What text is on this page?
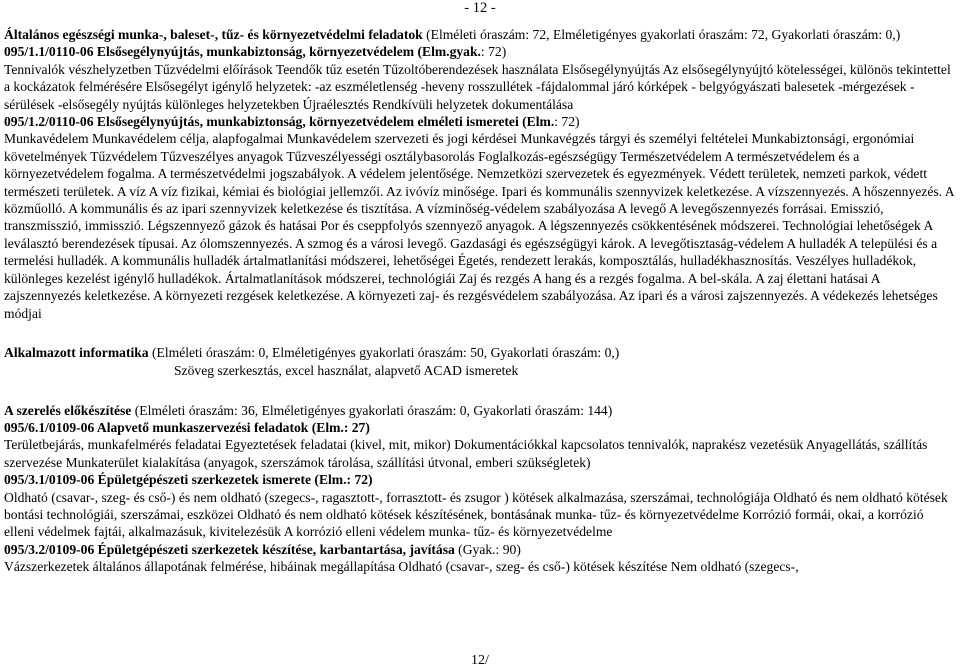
- 12 -

Általános egészségi munka-, baleset-, tűz- és környezetvédelmi feladatok (Elméleti óraszám: 72, Elméletigényes gyakorlati óraszám: 72, Gyakorlati óraszám: 0,)

095/1.1/0110-06 Elsősegélynyújtás, munkabiztonság, környezetvédelem (Elm.gyak.: 72)

Tennivalók vészhelyzetben Tűzvédelmi előírások Teendők tűz esetén Tűzoltóberendezések használata Elsősegélynyújtás Az elsősegélynyújtó kötelességei, különös tekintettel a kockázatok felmérésére Elsősegélyt igénylő helyzetek: -az eszméletlenség -heveny rosszullétek -fájdalommal járó kórképek - belgyógyászati balesetek -mérgezések -sérülések -elsősegély nyújtás különleges helyzetekben Újraélesztés Rendkívüli helyzetek dokumentálása

095/1.2/0110-06 Elsősegélynyújtás, munkabiztonság, környezetvédelem elméleti ismeretei (Elm.: 72)

Munkavédelem Munkavédelem célja, alapfogalmai Munkavédelem szervezeti és jogi kérdései Munkavégzés tárgyi és személyi feltételei Munkabiztonsági, ergonómiai követelmények Tűzvédelem Tűzveszélyes anyagok Tűzveszélyességi osztálybasorolás Foglalkozás-egészségügy Természetvédelem A természetvédelem és a környezetvédelem fogalma. A természetvédelmi jogszabályok. A védelem jelentősége. Nemzetközi szervezetek és egyezmények. Védett területek, nemzeti parkok, védett természeti területek. A víz A víz fizikai, kémiai és biológiai jellemzői. Az ivóvíz minősége. Ipari és kommunális szennyvizek keletkezése. A vízszennyezés. A hőszennyezés. A közműolló. A kommunális és az ipari szennyvizek keletkezése és tisztítása. A vízminőség-védelem szabályozása A levegő A levegőszennyezés forrásai. Emisszió, transzmisszió, immisszió. Légszennyező gázok és hatásai Por és cseppfolyós szennyező anyagok. A légszennyezés csökkentésének módszerei. Technológiai lehetőségek A leválasztó berendezések típusai. Az ólomszennyezés. A szmog és a városi levegő. Gazdasági és egészségügyi károk. A levegőtisztaság-védelem A hulladék A települési és a termelési hulladék. A kommunális hulladék ártalmatlanítási módszerei, lehetőségei Égetés, rendezett lerakás, komposztálás, hulladékhasznosítás. Veszélyes hulladékok, különleges kezelést igénylő hulladékok. Ártalmatlanítások módszerei, technológiái Zaj és rezgés A hang és a rezgés fogalma. A bel-skála. A zaj élettani hatásai A zajszennyezés keletkezése. A környezeti rezgések keletkezése. A környezeti zaj- és rezgésvédelem szabályozása. Az ipari és a városi zajszennyezés. A védekezés lehetséges módjai

Alkalmazott informatika (Elméleti óraszám: 0, Elméletigényes gyakorlati óraszám: 50, Gyakorlati óraszám: 0,)

Szöveg szerkesztás, excel használat, alapvető ACAD ismeretek

A szerelés előkészítése (Elméleti óraszám: 36, Elméletigényes gyakorlati óraszám: 0, Gyakorlati óraszám: 144)

095/6.1/0109-06 Alapvető munkaszervezési feladatok (Elm.: 27)

Területbejárás, munkafelmérés feladatai Egyeztetések feladatai (kivel, mit, mikor) Dokumentációkkal kapcsolatos tennivalók, naprakész vezetésük Anyagellátás, szállítás szervezése Munkaterület kialakítása (anyagok, szerszámok tárolása, szállítási útvonal, emberi szükségletek)

095/3.1/0109-06 Épületgépészeti szerkezetek ismerete (Elm.: 72)

Oldható (csavar-, szeg- és cső-) és nem oldható (szegecs-, ragasztott-, forrasztott- és zsugor ) kötések alkalmazása, szerszámai, technológiája Oldható és nem oldható kötések bontási technológiái, szerszámai, eszközei Oldható és nem oldható kötések készítésének, bontásának munka- tűz- és környezetvédelme Korrózió formái, okai, a korrózió elleni védelmek fajtái, alkalmazásuk, kivitelezésük A korrózió elleni védelem munka- tűz- és környezetvédelme

095/3.2/0109-06 Épületgépészeti szerkezetek készítése, karbantartása, javítása (Gyak.: 90)

Vázszerkezetek általános állapotának felmérése, hibáinak megállapítása Oldható (csavar-, szeg- és cső-) kötések készítése Nem oldható (szegecs-,

12/
